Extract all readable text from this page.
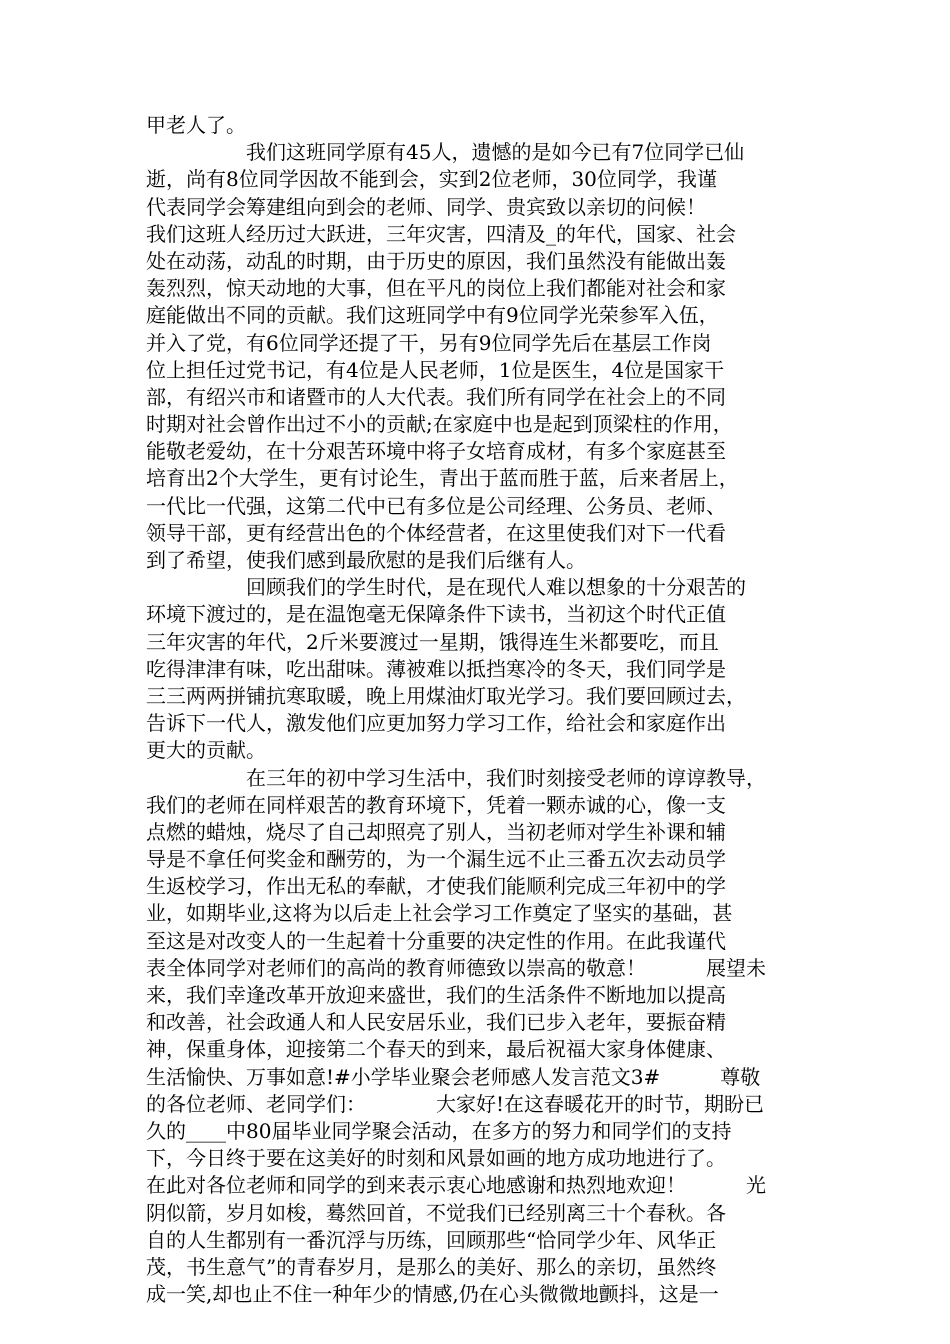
甲老人了。
　　　　　我们这班同学原有45人，遗憾的是如今已有7位同学已仙
逝，尚有8位同学因故不能到会，实到2位老师，30位同学，我谨
代表同学会筹建组向到会的老师、同学、贵宾致以亲切的问候！
我们这班人经历过大跃进，三年灾害，四清及_的年代，国家、社会
处在动荡，动乱的时期，由于历史的原因，我们虽然没有能做出轰
轰烈烈，惊天动地的大事，但在平凡的岗位上我们都能对社会和家
庭能做出不同的贡献。我们这班同学中有9位同学光荣参军入伍，
并入了党，有6位同学还提了干，另有9位同学先后在基层工作岗
位上担任过党书记，有4位是人民老师，1位是医生，4位是国家干
部，有绍兴市和诸暨市的人大代表。我们所有同学在社会上的不同
时期对社会曾作出过不小的贡献;在家庭中也是起到顶梁柱的作用，
能敬老爱幼，在十分艰苦环境中将子女培育成材，有多个家庭甚至
培育出2个大学生，更有讨论生，青出于蓝而胜于蓝，后来者居上，
一代比一代强，这第二代中已有多位是公司经理、公务员、老师、
领导干部，更有经营出色的个体经营者，在这里使我们对下一代看
到了希望，使我们感到最欣慰的是我们后继有人。
　　　　　回顾我们的学生时代，是在现代人难以想象的十分艰苦的
环境下渡过的，是在温饱毫无保障条件下读书，当初这个时代正值
三年灾害的年代，2斤米要渡过一星期，饿得连生米都要吃，而且
吃得津津有味，吃出甜味。薄被难以抵挡寒冷的冬天，我们同学是
三三两两拼铺抗寒取暖，晚上用煤油灯取光学习。我们要回顾过去，
告诉下一代人，激发他们应更加努力学习工作，给社会和家庭作出
更大的贡献。
　　　　　在三年的初中学习生活中，我们时刻接受老师的谆谆教导，
我们的老师在同样艰苦的教育环境下，凭着一颗赤诚的心，像一支
点燃的蜡烛，烧尽了自己却照亮了别人，当初老师对学生补课和辅
导是不拿任何奖金和酬劳的，为一个漏生远不止三番五次去动员学
生返校学习，作出无私的奉献，才使我们能顺利完成三年初中的学
业，如期毕业,这将为以后走上社会学习工作奠定了坚实的基础，甚
至这是对改变人的一生起着十分重要的决定性的作用。在此我谨代
表全体同学对老师们的高尚的教育师德致以崇高的敬意！　　　展望未
来，我们幸逢改革开放迎来盛世，我们的生活条件不断地加以提高
和改善，社会政通人和人民安居乐业，我们已步入老年，要振奋精
神，保重身体，迎接第二个春天的到来，最后祝福大家身体健康、
生活愉快、万事如意!#小学毕业聚会老师感人发言范文3#　　　尊敬
的各位老师、老同学们：　　　　大家好!在这春暖花开的时节，期盼已
久的____中80届毕业同学聚会活动，在多方的努力和同学们的支持
下，今日终于要在这美好的时刻和风景如画的地方成功地进行了。
在此对各位老师和同学的到来表示衷心地感谢和热烈地欢迎！　　　光
阴似箭，岁月如梭，蓦然回首，不觉我们已经别离三十个春秋。各
自的人生都别有一番沉浮与历练，回顾那些“恰同学少年、风华正
茂，书生意气”的青春岁月，是那么的美好、那么的亲切，虽然终
成一笑,却也止不住一种年少的情感,仍在心头微微地颤抖，这是一
